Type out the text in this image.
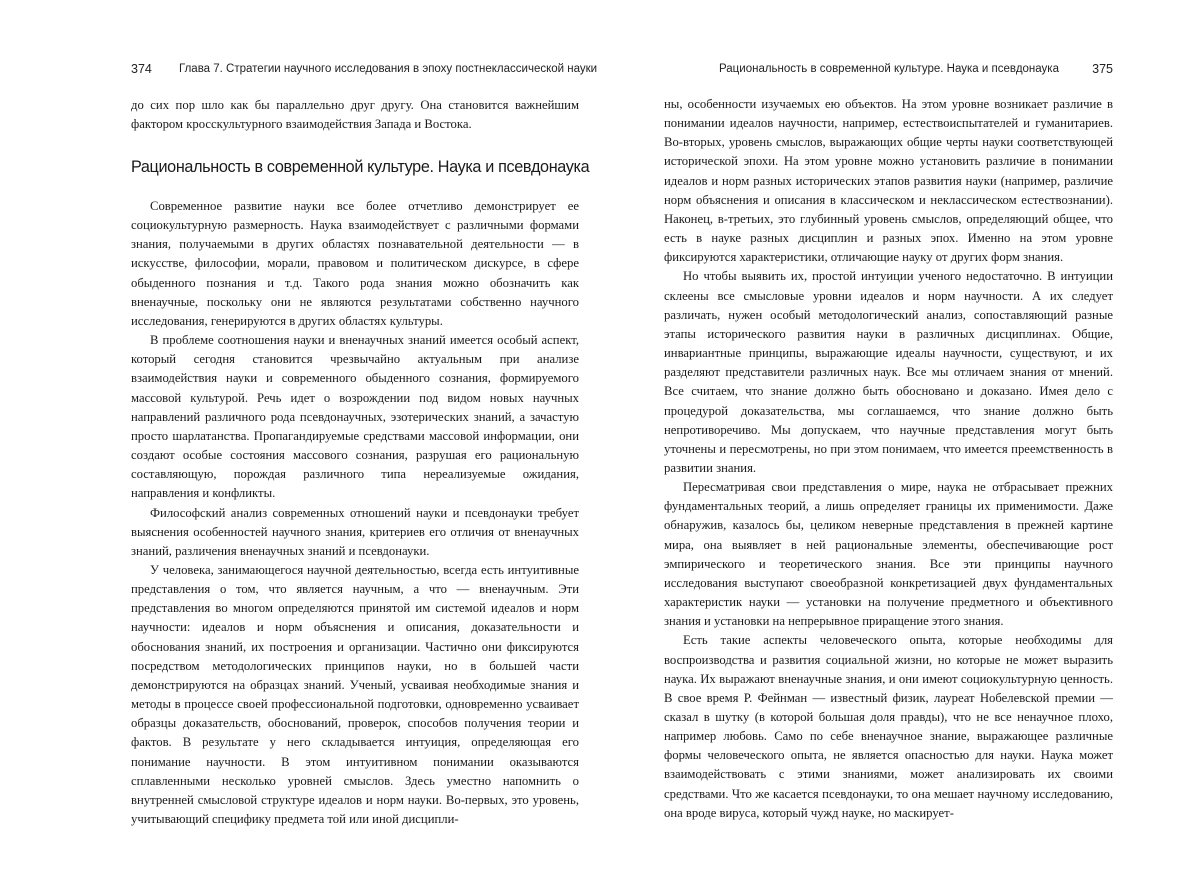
374 Глава 7. Стратегии научного исследования в эпоху постнеклассической науки

до сих пор шло как бы параллельно друг другу. Она становится важнейшим фактором кросскультурного взаимодействия Запада и Востока.

Рациональность в современной культуре. Наука и псевдонаука

Современное развитие науки все более отчетливо демонстрирует ее социокультурную размерность. Наука взаимодействует с различными формами знания, получаемыми в других областях познавательной деятельности — в искусстве, философии, морали, правовом и политическом дискурсе, в сфере обыденного познания и т.д. Такого рода знания можно обозначить как вненаучные, поскольку они не являются результатами собственно научного исследования, генерируются в других областях культуры.

В проблеме соотношения науки и вненаучных знаний имеется особый аспект, который сегодня становится чрезвычайно актуальным при анализе взаимодействия науки и современного обыденного сознания, формируемого массовой культурой. Речь идет о возрождении под видом новых научных направлений различного рода псевдонаучных, эзотерических знаний, а зачастую просто шарлатанства. Пропагандируемые средствами массовой информации, они создают особые состояния массового сознания, разрушая его рациональную составляющую, порождая различного типа нереализуемые ожидания, направления и конфликты.

Философский анализ современных отношений науки и псевдонауки требует выяснения особенностей научного знания, критериев его отличия от вненаучных знаний, различения вненаучных знаний и псевдонауки.

У человека, занимающегося научной деятельностью, всегда есть интуитивные представления о том, что является научным, а что — вненаучным. Эти представления во многом определяются принятой им системой идеалов и норм научности: идеалов и норм объяснения и описания, доказательности и обоснования знаний, их построения и организации. Частично они фиксируются посредством методологических принципов науки, но в большей части демонстрируются на образцах знаний. Ученый, усваивая необходимые знания и методы в процессе своей профессиональной подготовки, одновременно усваивает образцы доказательств, обоснований, проверок, способов получения теории и фактов. В результате у него складывается интуиция, определяющая его понимание научности. В этом интуитивном понимании оказываются сплавленными несколько уровней смыслов. Здесь уместно напомнить о внутренней смысловой структуре идеалов и норм науки. Во-первых, это уровень, учитывающий специфику предмета той или иной дисципли-

Рациональность в современной культуре. Наука и псевдонаука	375

ны, особенности изучаемых ею объектов. На этом уровне возникает различие в понимании идеалов научности, например, естествоиспытателей и гуманитариев. Во-вторых, уровень смыслов, выражающих общие черты науки соответствующей исторической эпохи. На этом уровне можно установить различие в понимании идеалов и норм разных исторических этапов развития науки (например, различие норм объяснения и описания в классическом и неклассическом естествознании). Наконец, в-третьих, это глубинный уровень смыслов, определяющий общее, что есть в науке разных дисциплин и разных эпох. Именно на этом уровне фиксируются характеристики, отличающие науку от других форм знания.

Но чтобы выявить их, простой интуиции ученого недостаточно. В интуиции склеены все смысловые уровни идеалов и норм научности. А их следует различать, нужен особый методологический анализ, сопоставляющий разные этапы исторического развития науки в различных дисциплинах. Общие, инвариантные принципы, выражающие идеалы научности, существуют, и их разделяют представители различных наук. Все мы отличаем знания от мнений. Все считаем, что знание должно быть обосновано и доказано. Имея дело с процедурой доказательства, мы соглашаемся, что знание должно быть непротиворечиво. Мы допускаем, что научные представления могут быть уточнены и пересмотрены, но при этом понимаем, что имеется преемственность в развитии знания.

Пересматривая свои представления о мире, наука не отбрасывает прежних фундаментальных теорий, а лишь определяет границы их применимости. Даже обнаружив, казалось бы, целиком неверные представления в прежней картине мира, она выявляет в ней рациональные элементы, обеспечивающие рост эмпирического и теоретического знания. Все эти принципы научного исследования выступают своеобразной конкретизацией двух фундаментальных характеристик науки — установки на получение предметного и объективного знания и установки на непрерывное приращение этого знания.

Есть такие аспекты человеческого опыта, которые необходимы для воспроизводства и развития социальной жизни, но которые не может выразить наука. Их выражают вненаучные знания, и они имеют социокультурную ценность. В свое время Р. Фейнман — известный физик, лауреат Нобелевской премии — сказал в шутку (в которой большая доля правды), что не все ненаучное плохо, например любовь. Само по себе вненаучное знание, выражающее различные формы человеческого опыта, не является опасностью для науки. Наука может взаимодействовать с этими знаниями, может анализировать их своими средствами. Что же касается псевдонауки, то она мешает научному исследованию, она вроде вируса, который чужд науке, но маскирует-
